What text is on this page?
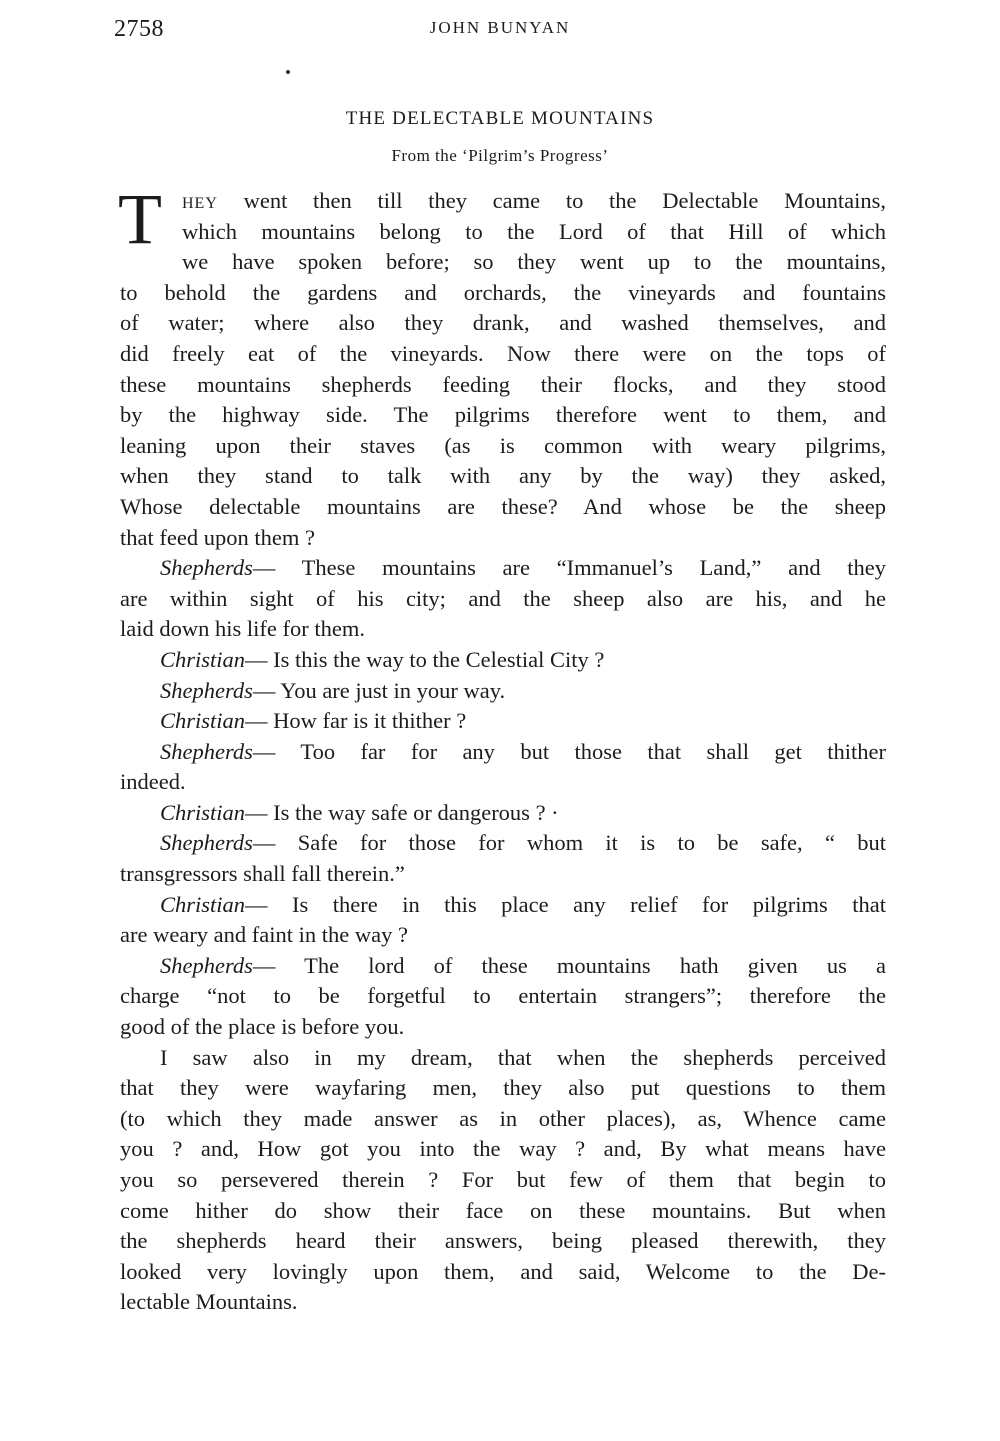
2758	JOHN BUNYAN
THE DELECTABLE MOUNTAINS
From the ‘Pilgrim’s Progress’
T	HEY went then till they came to the Delectable Mountains,
which mountains belong to the Lord of that Hill of which
we have spoken before; so they went up to the mountains,
to behold the gardens and orchards, the vineyards and fountains
of water; where also they drank, and washed themselves, and
did freely eat of the vineyards. Now there were on the tops of
these mountains shepherds feeding their flocks, and they stood
by the highway side. The pilgrims therefore went to them, and
leaning upon their staves (as is common with weary pilgrims,
when they stand to talk with any by the way) they asked,
Whose delectable mountains are these? And whose be the sheep
that feed upon them ?
Shepherds— These mountains are “Immanuel’s Land,” and they
are within sight of his city; and the sheep also are his, and he
laid down his life for them.
Christian— Is this the way to the Celestial City ?
Shepherds— You are just in your way.
Christian— How far is it thither ?
Shepherds— Too far for any but those that shall get thither
indeed.
Christian— Is the way safe or dangerous ? ·
Shepherds— Safe for those for whom it is to be safe, “ but
transgressors shall fall therein.”
Christian— Is there in this place any relief for pilgrims that
are weary and faint in the way ?
Shepherds— The lord of these mountains hath given us a
charge “not to be forgetful to entertain strangers”; therefore the
good of the place is before you.
I saw also in my dream, that when the shepherds perceived
that they were wayfaring men, they also put questions to them
(to which they made answer as in other places), as, Whence came
you ? and, How got you into the way ? and, By what means have
you so persevered therein ? For but few of them that begin to
come hither do show their face on these mountains. But when
the shepherds heard their answers, being pleased therewith, they
looked very lovingly upon them, and said, Welcome to the De-
lectable Mountains.
